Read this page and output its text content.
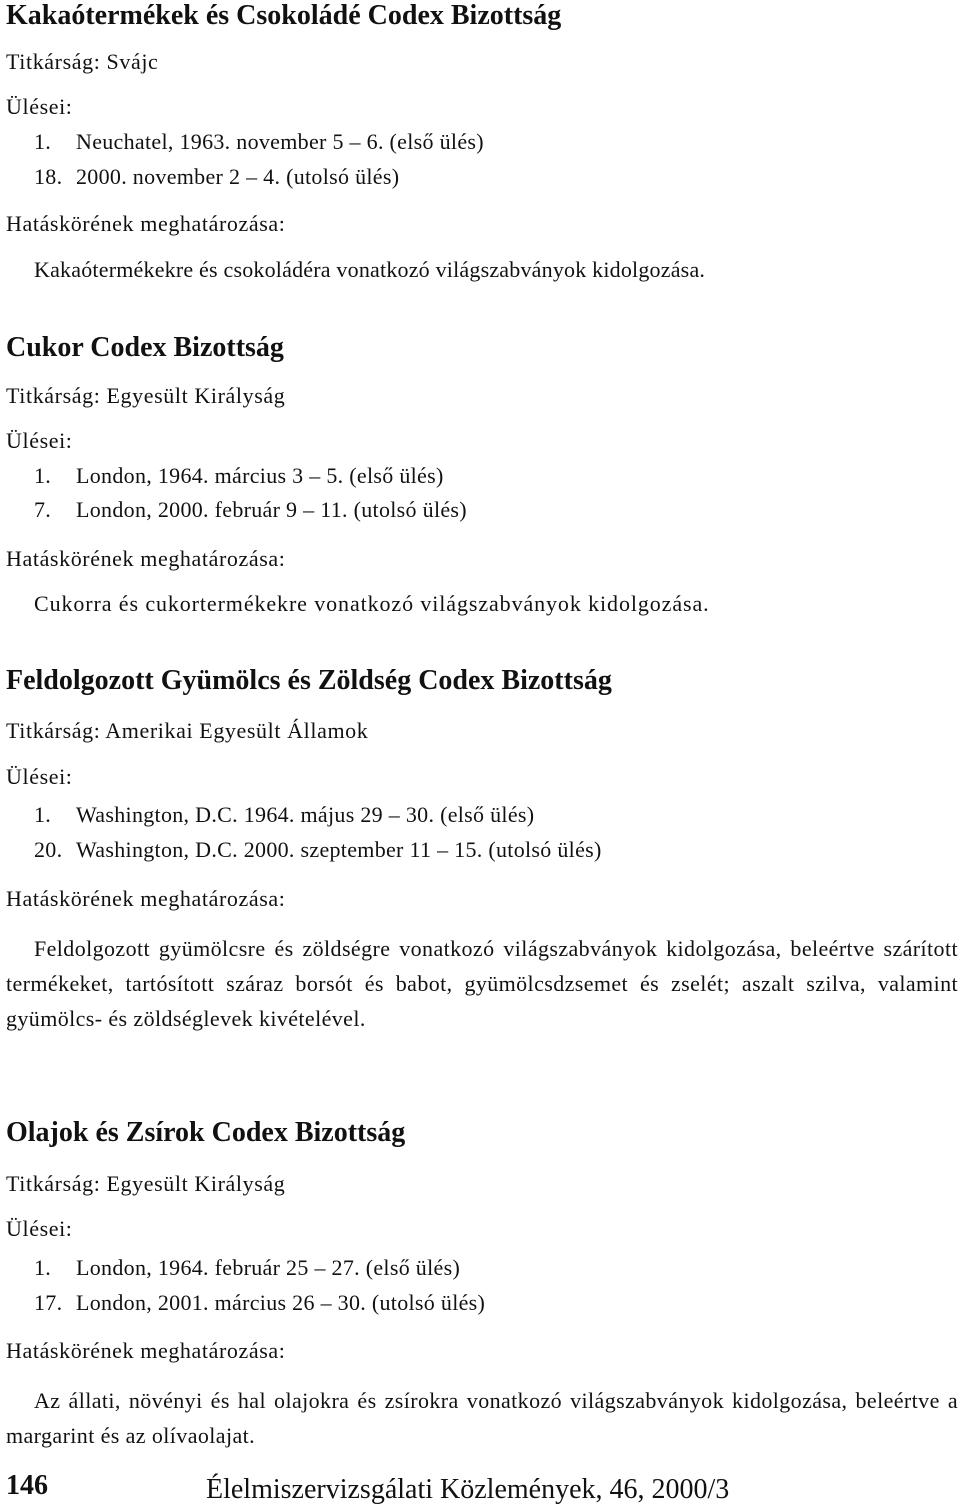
Kakaótermékek és Csokoládé Codex Bizottság
Titkárság: Svájc
Ülései:
1. Neuchatel, 1963. november 5 – 6. (első ülés)
18. 2000. november 2 – 4. (utolsó ülés)
Hatáskörének meghatározása:
Kakaótermékekre és csokoládéra vonatkozó világszabványok kidolgozása.
Cukor Codex Bizottság
Titkárság: Egyesült Királyság
Ülései:
1. London, 1964. március 3 – 5. (első ülés)
7. London, 2000. február 9 – 11. (utolsó ülés)
Hatáskörének meghatározása:
Cukorra és cukortermékekre vonatkozó világszabványok kidolgozása.
Feldolgozott Gyümölcs és Zöldség Codex Bizottság
Titkárság: Amerikai Egyesült Államok
Ülései:
1. Washington, D.C. 1964. május 29 – 30. (első ülés)
20. Washington, D.C. 2000. szeptember 11 – 15. (utolsó ülés)
Hatáskörének meghatározása:
Feldolgozott gyümölcsre és zöldségre vonatkozó világszabványok kidolgozása, beleértve szárított termékeket, tartósított száraz borsót és babot, gyümölcsdzsemet és zselét; aszalt szilva, valamint gyümölcs- és zöldséglevek kivételével.
Olajok és Zsírok Codex Bizottság
Titkárság: Egyesült Királyság
Ülései:
1. London, 1964. február 25 – 27. (első ülés)
17. London, 2001. március 26 – 30. (utolsó ülés)
Hatáskörének meghatározása:
Az állati, növényi és hal olajokra és zsírokra vonatkozó világszabványok kidolgozása, beleértve a margarint és az olívaolajat.
146	Élelmiszervizsgálati Közlemények, 46, 2000/3
